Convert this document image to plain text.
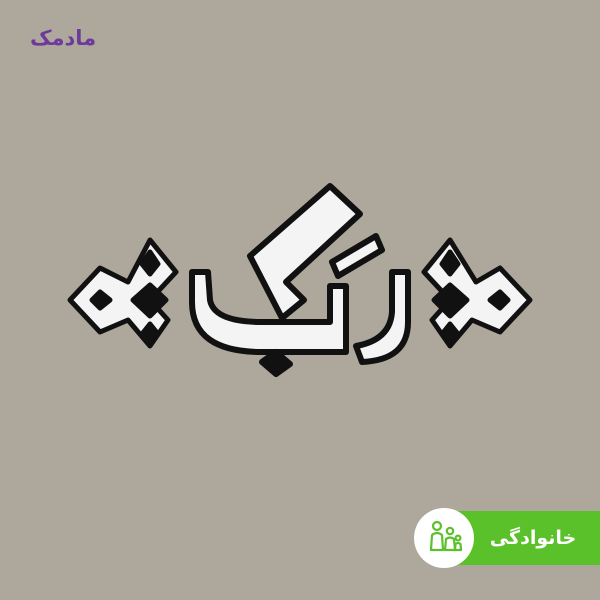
مادمک
خانوادگی
